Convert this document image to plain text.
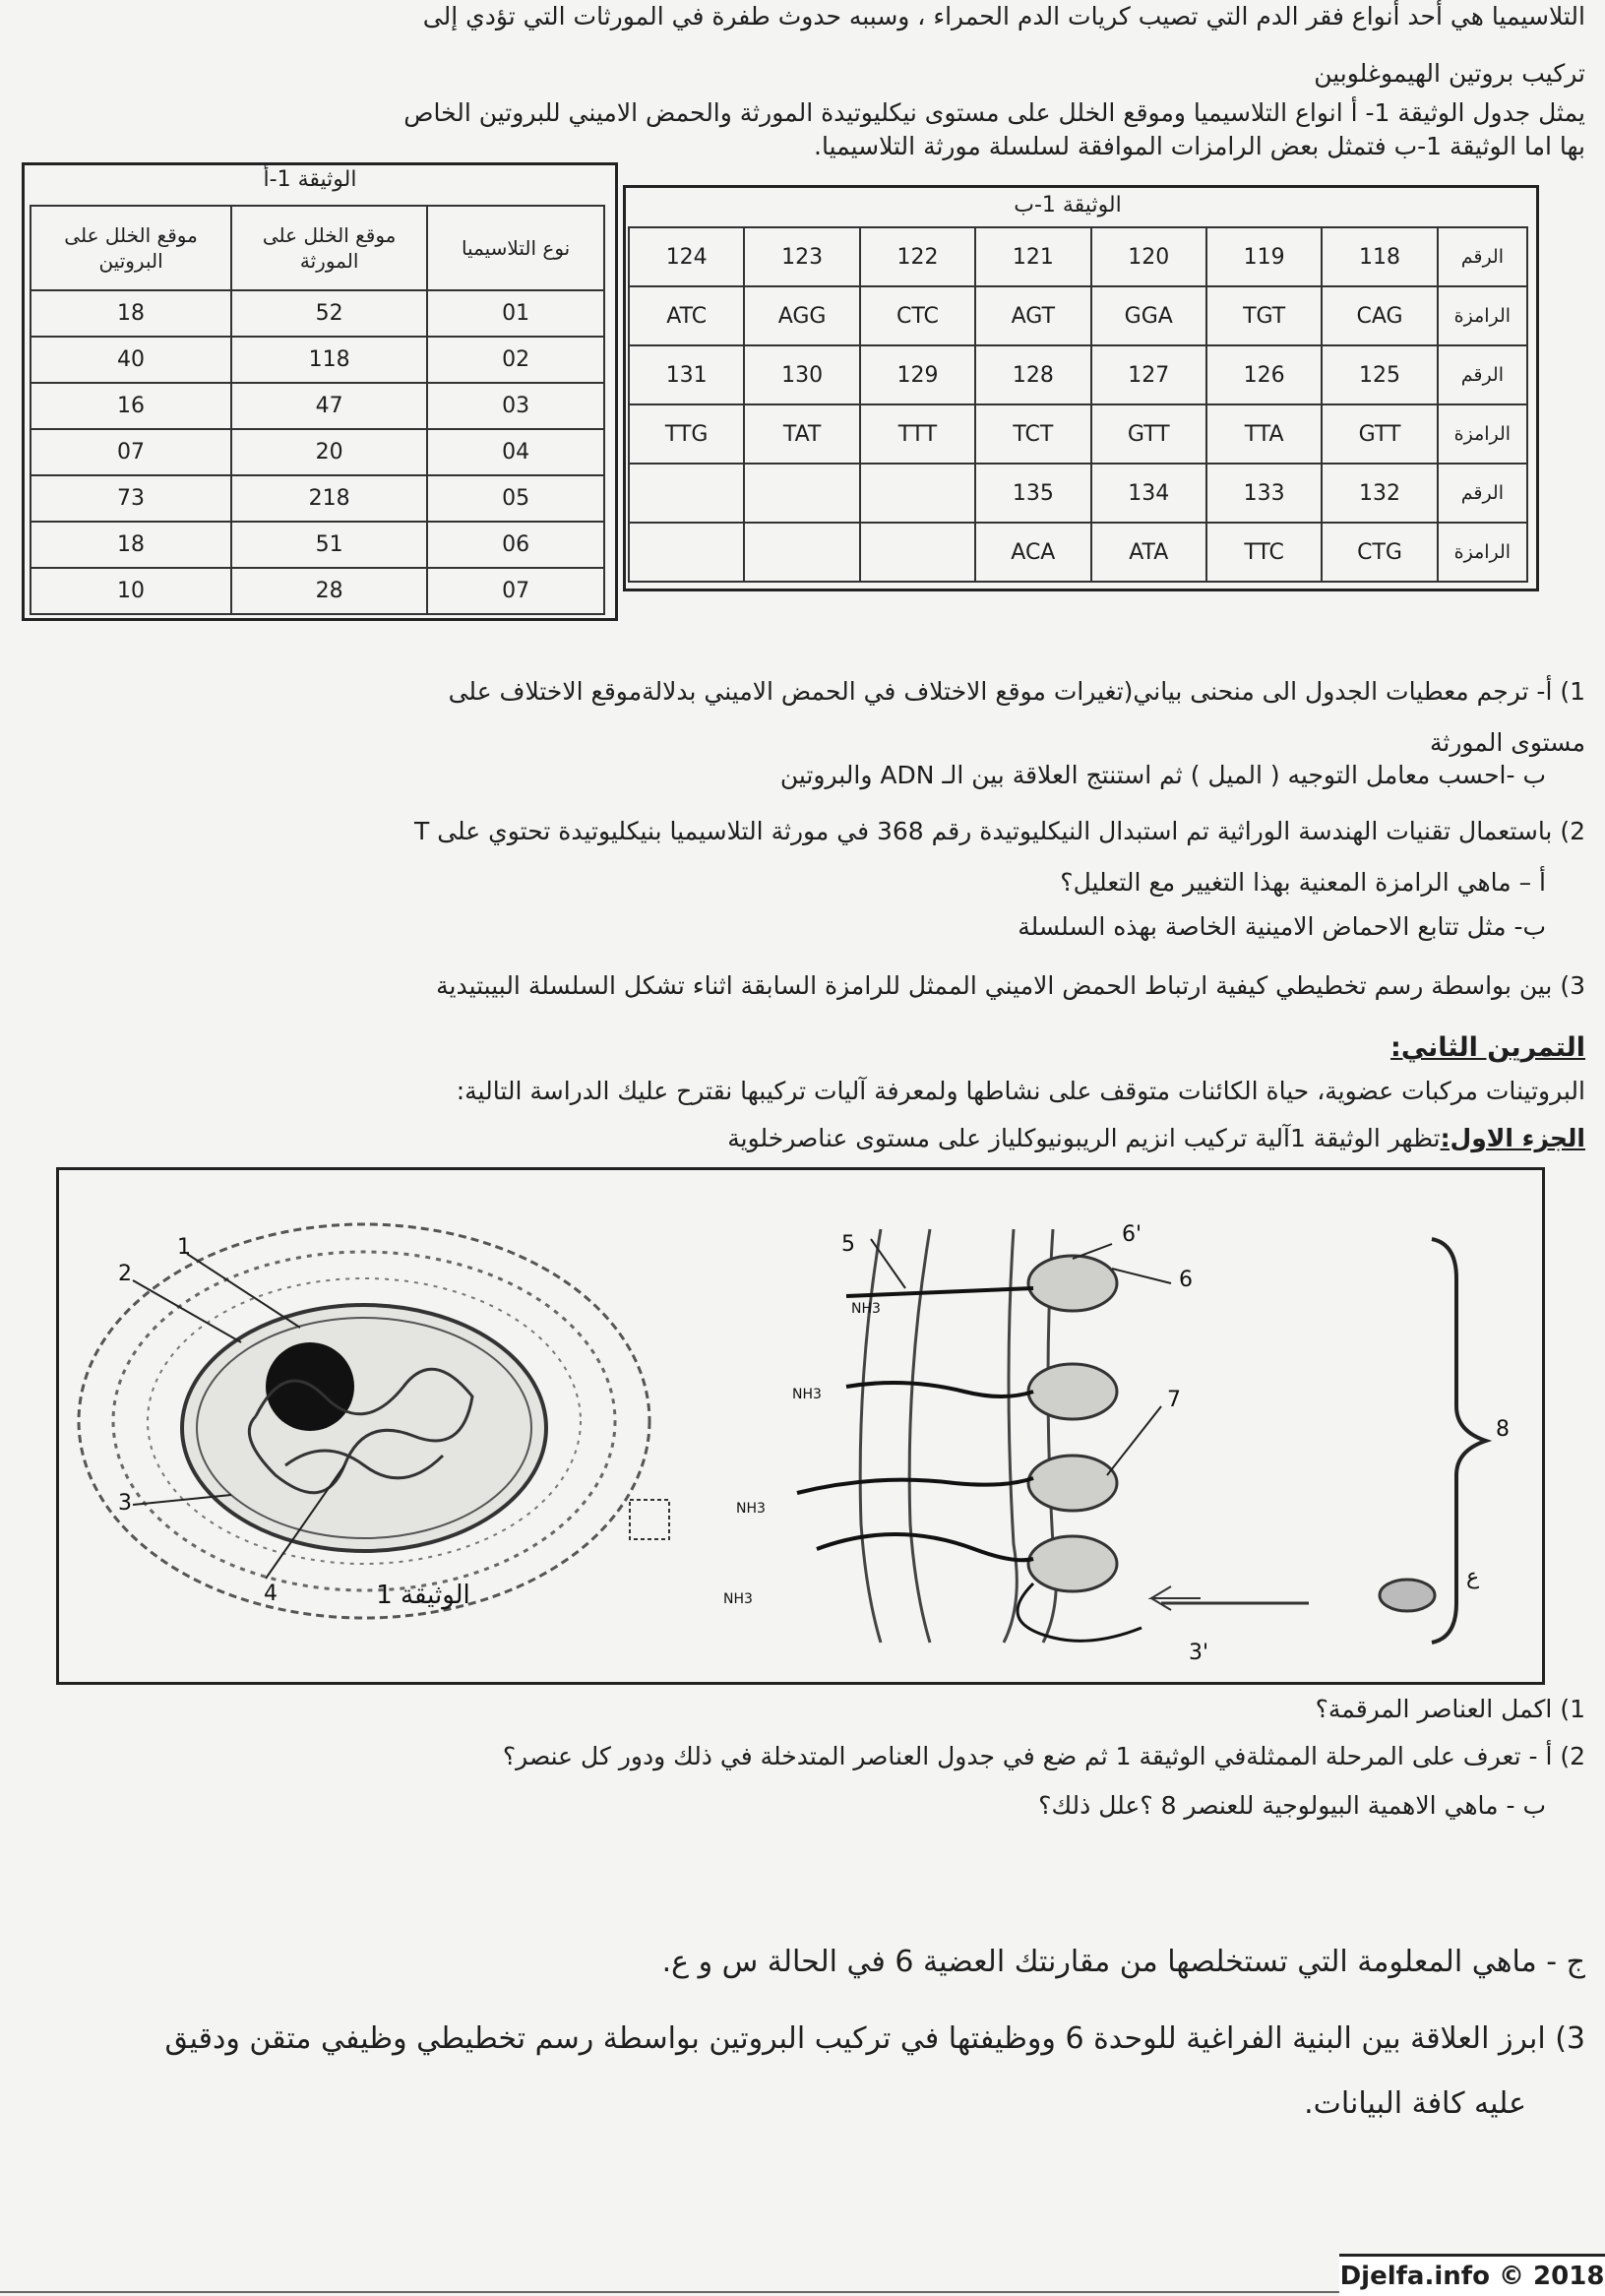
التلاسيميا هي أحد أنواع فقر الدم التي تصيب كريات الدم الحمراء ، وسببه حدوث طفرة في المورثات التي تؤدي إلى
تركيب بروتين الهيموغلوبين
يمثل جدول الوثيقة 1- أ انواع التلاسيميا وموقع الخلل على مستوى نيكليوتيدة المورثة والحمض الاميني للبروتين الخاص
بها اما الوثيقة 1-ب فتمثل بعض الرامزات الموافقة لسلسلة مورثة التلاسيميا.
الوثيقة 1-أ
نوع التلاسيميا	موقع الخلل على المورثة	موقع الخلل على البروتين
01	52	18
02	118	40
03	47	16
04	20	07
05	218	73
06	51	18
07	28	10
الوثيقة 1-ب
الرقم	118	119	120	121	122	123	124
الرامزة	CAG	TGT	GGA	AGT	CTC	AGG	ATC
الرقم	125	126	127	128	129	130	131
الرامزة	GTT	TTA	GTT	TCT	TTT	TAT	TTG
الرقم	132	133	134	135			
الرامزة	CTG	TTC	ATA	ACA			
1) أ- ترجم معطيات الجدول الى منحنى بياني(تغيرات موقع الاختلاف في الحمض الاميني بدلالةموقع الاختلاف على
مستوى المورثة
ب -احسب معامل التوجيه ( الميل ) ثم استنتج العلاقة بين الـ ADN والبروتين
2) باستعمال تقنيات الهندسة الوراثية تم استبدال النيكليوتيدة رقم 368 في مورثة التلاسيميا بنيكليوتيدة تحتوي على T
أ – ماهي الرامزة المعنية بهذا التغيير مع التعليل؟
ب- مثل تتابع الاحماض الامينية الخاصة بهذه السلسلة
3) بين بواسطة رسم تخطيطي كيفية ارتباط الحمض الاميني الممثل للرامزة السابقة اثناء تشكل السلسلة البيبتيدية
التمرين الثاني:
البروتينات مركبات عضوية، حياة الكائنات متوقف على نشاطها ولمعرفة آليات تركيبها نقترح عليك الدراسة التالية:
الجزء الاول:تظهر الوثيقة 1آلية تركيب انزيم الريبونيوكلياز على مستوى عناصرخلوية
1
2
3
4	الوثيقة 1
5	6'
6
7
8
ع
3'
NH3
NH3
NH3
NH3
1) اكمل العناصر المرقمة؟
2) أ - تعرف على المرحلة الممثلةفي الوثيقة 1 ثم ضع في جدول العناصر المتدخلة في ذلك ودور كل عنصر؟
ب - ماهي الاهمية البيولوجية للعنصر 8 ؟علل ذلك؟
ج - ماهي المعلومة التي تستخلصها من مقارنتك العضية 6 في الحالة س و ع.
3) ابرز العلاقة بين البنية الفراغية للوحدة 6 ووظيفتها في تركيب البروتين بواسطة رسم تخطيطي وظيفي متقن ودقيق
عليه كافة البيانات.
Djelfa.info © 2018
